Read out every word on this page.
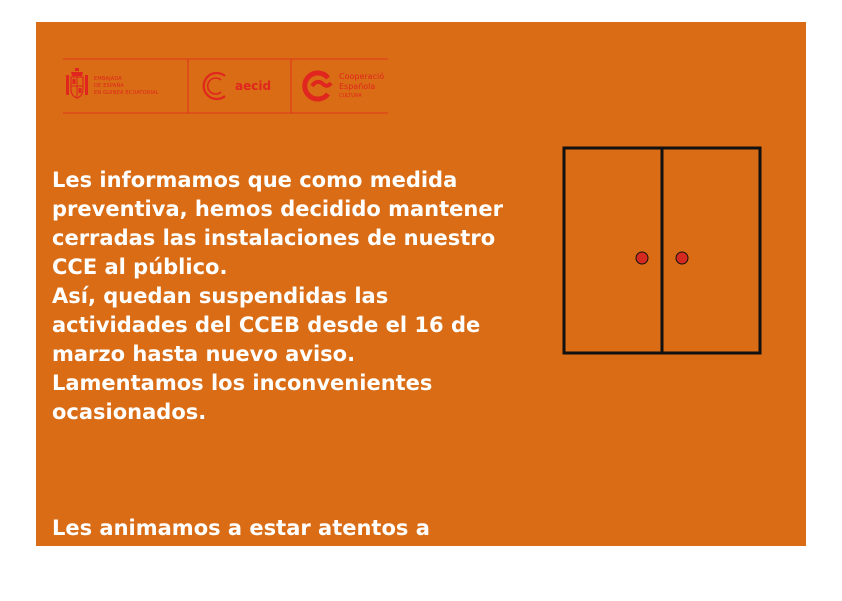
EMBAJADA
DE ESPAÑA
EN GUINEA ECUATORIAL	aecid
Cooperació
Española
CULTURA

Les informamos que como medida
preventiva, hemos decidido mantener
cerradas las instalaciones de nuestro
CCE al público.
Así, quedan suspendidas las
actividades del CCEB desde el 16 de
marzo hasta nuevo aviso.
Lamentamos los inconvenientes
ocasionados.

Les animamos a estar atentos a
nuestras redes.
